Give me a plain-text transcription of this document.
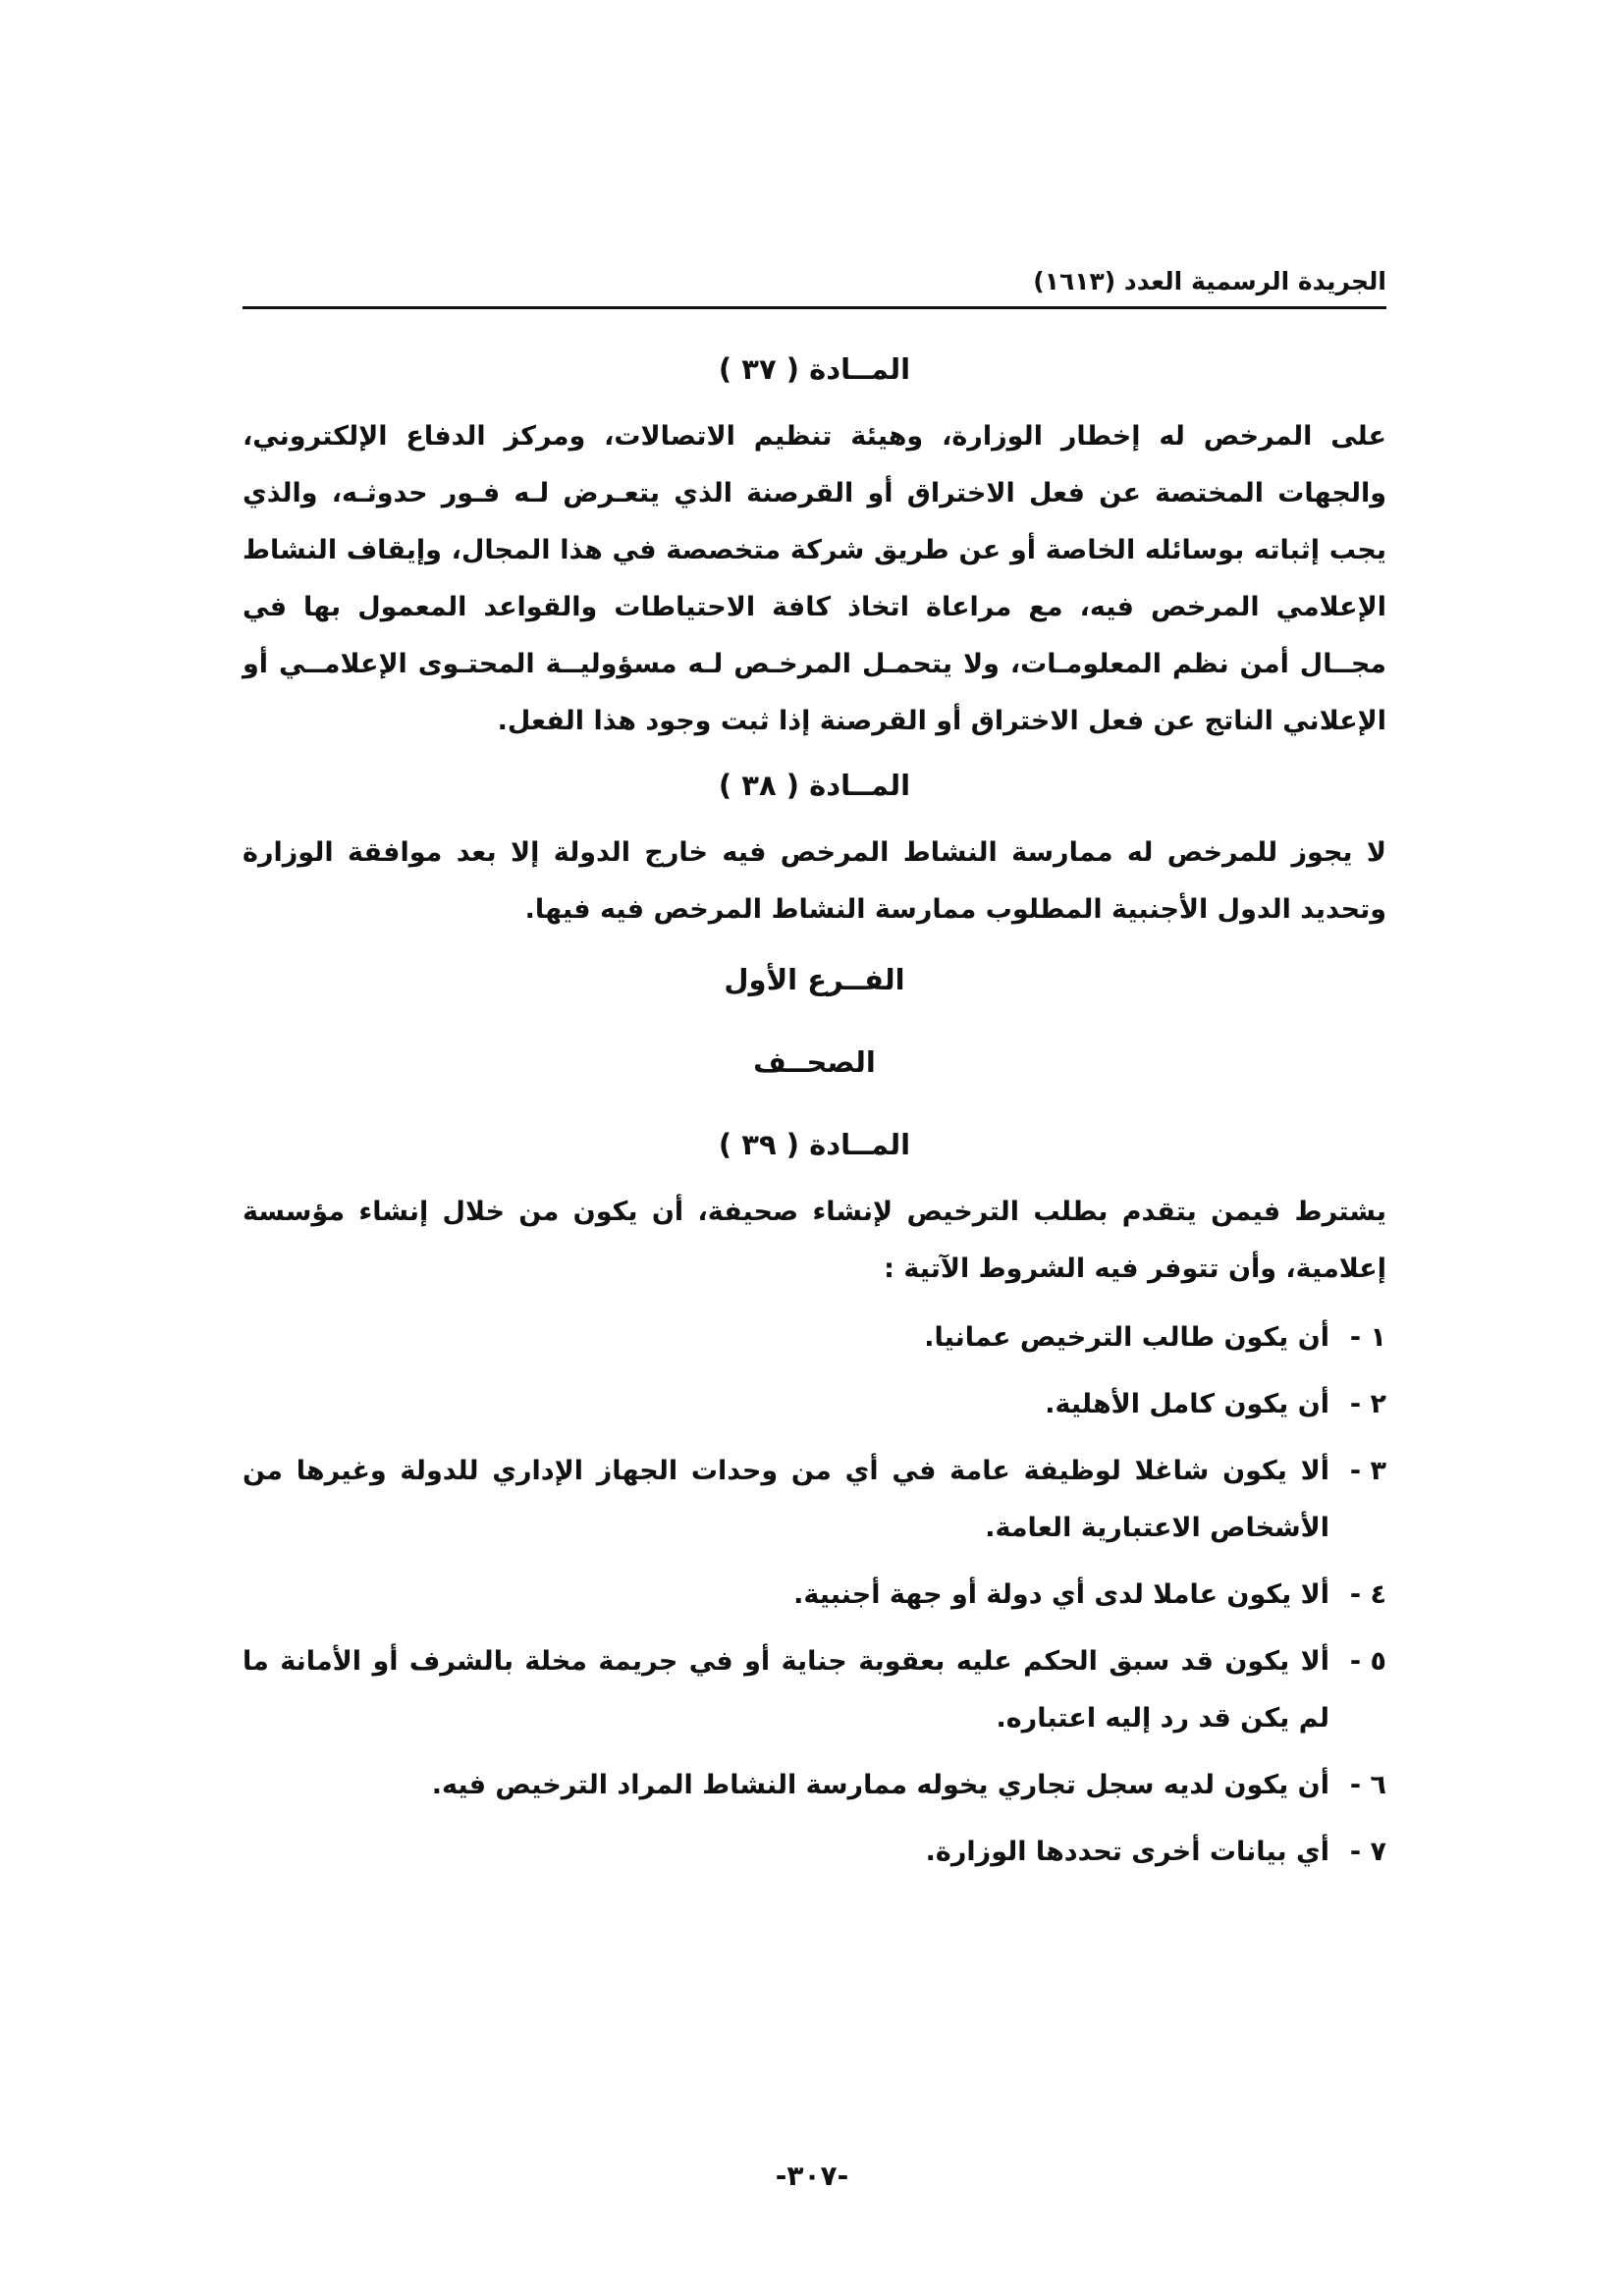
الجريدة الرسمية العدد (١٦١٣)
المــادة ( ٣٧ )

على المرخص له إخطار الوزارة، وهيئة تنظيم الاتصالات، ومركز الدفاع الإلكتروني، والجهات المختصة عن فعل الاختراق أو القرصنة الذي يتعـرض لـه فـور حدوثـه، والذي يجب إثباته بوسائله الخاصة أو عن طريق شركة متخصصة في هذا المجال، وإيقاف النشاط الإعلامي المرخص فيه، مع مراعاة اتخاذ كافة الاحتياطات والقواعد المعمول بها في مجــال أمن نظم المعلومـات، ولا يتحمـل المرخـص لـه مسؤوليــة المحتـوى الإعلامــي أو الإعلاني الناتج عن فعل الاختراق أو القرصنة إذا ثبت وجود هذا الفعل.

المــادة ( ٣٨ )

لا يجوز للمرخص له ممارسة النشاط المرخص فيه خارج الدولة إلا بعد موافقة الوزارة وتحديد الدول الأجنبية المطلوب ممارسة النشاط المرخص فيه فيها.

الفــرع الأول
الصحــف
المــادة ( ٣٩ )

يشترط فيمن يتقدم بطلب الترخيص لإنشاء صحيفة، أن يكون من خلال إنشاء مؤسسة إعلامية، وأن تتوفر فيه الشروط الآتية :

١ -
أن يكون طالب الترخيص عمانيا.
٢ -
أن يكون كامل الأهلية.
٣ -
ألا يكون شاغلا لوظيفة عامة في أي من وحدات الجهاز الإداري للدولة وغيرها من الأشخاص الاعتبارية العامة.
٤ -
ألا يكون عاملا لدى أي دولة أو جهة أجنبية.
٥ -
ألا يكون قد سبق الحكم عليه بعقوبة جناية أو في جريمة مخلة بالشرف أو الأمانة ما لم يكن قد رد إليه اعتباره.
٦ -
أن يكون لديه سجل تجاري يخوله ممارسة النشاط المراد الترخيص فيه.
٧ -
أي بيانات أخرى تحددها الوزارة.
-٣٠٧-
